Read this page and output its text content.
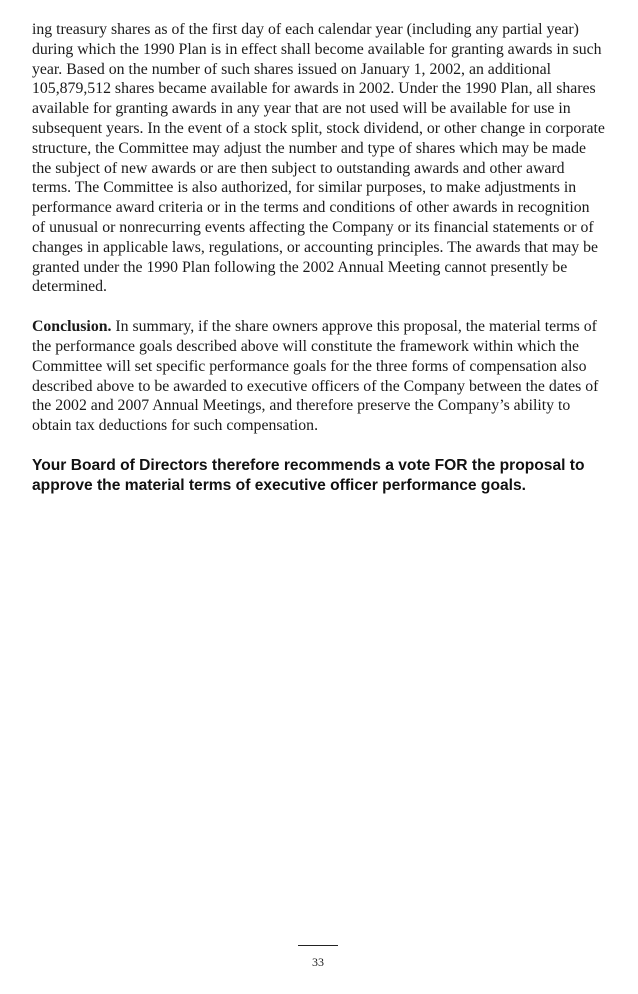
ing treasury shares as of the first day of each calendar year (including any partial year) during which the 1990 Plan is in effect shall become available for granting awards in such year. Based on the number of such shares issued on January 1, 2002, an additional 105,879,512 shares became available for awards in 2002. Under the 1990 Plan, all shares available for granting awards in any year that are not used will be available for use in subsequent years. In the event of a stock split, stock dividend, or other change in corporate structure, the Committee may adjust the number and type of shares which may be made the subject of new awards or are then subject to outstanding awards and other award terms. The Committee is also authorized, for similar purposes, to make adjustments in performance award criteria or in the terms and conditions of other awards in recognition of unusual or nonrecurring events affecting the Company or its financial statements or of changes in applicable laws, regulations, or accounting principles. The awards that may be granted under the 1990 Plan following the 2002 Annual Meeting cannot presently be determined.

Conclusion. In summary, if the share owners approve this proposal, the material terms of the performance goals described above will constitute the framework within which the Committee will set specific performance goals for the three forms of compensation also described above to be awarded to executive officers of the Company between the dates of the 2002 and 2007 Annual Meetings, and therefore preserve the Company’s ability to obtain tax deductions for such compensation.

Your Board of Directors therefore recommends a vote FOR the proposal to approve the material terms of executive officer performance goals.

33
